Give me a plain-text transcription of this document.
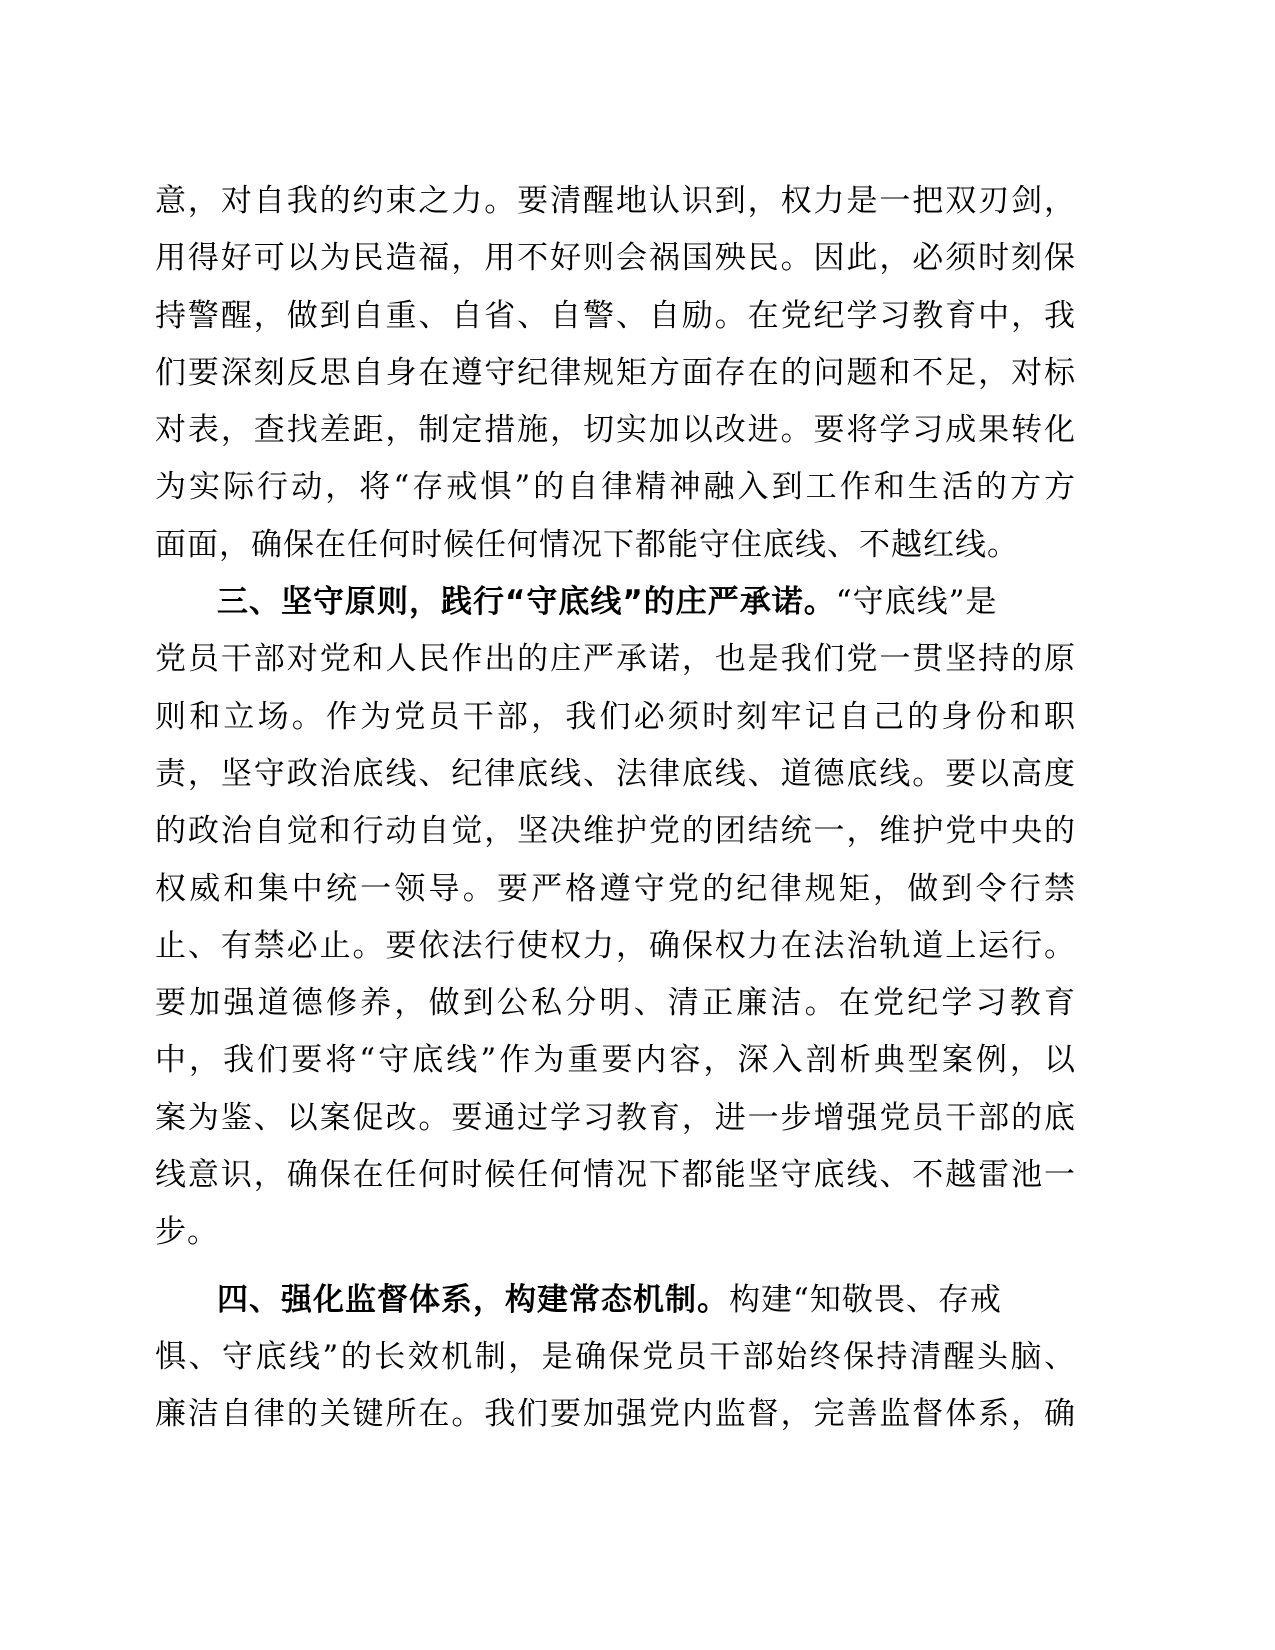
意，对自我的约束之力。要清醒地认识到，权力是一把双刃剑，
用得好可以为民造福，用不好则会祸国殃民。因此，必须时刻保
持警醒，做到自重、自省、自警、自励。在党纪学习教育中，我
们要深刻反思自身在遵守纪律规矩方面存在的问题和不足，对标
对表，查找差距，制定措施，切实加以改进。要将学习成果转化
为实际行动，将“存戒惧”的自律精神融入到工作和生活的方方
面面，确保在任何时候任何情况下都能守住底线、不越红线。
三、坚守原则，践行“守底线”的庄严承诺。“守底线”是
党员干部对党和人民作出的庄严承诺，也是我们党一贯坚持的原
则和立场。作为党员干部，我们必须时刻牢记自己的身份和职
责，坚守政治底线、纪律底线、法律底线、道德底线。要以高度
的政治自觉和行动自觉，坚决维护党的团结统一，维护党中央的
权威和集中统一领导。要严格遵守党的纪律规矩，做到令行禁
止、有禁必止。要依法行使权力，确保权力在法治轨道上运行。
要加强道德修养，做到公私分明、清正廉洁。在党纪学习教育
中，我们要将“守底线”作为重要内容，深入剖析典型案例，以
案为鉴、以案促改。要通过学习教育，进一步增强党员干部的底
线意识，确保在任何时候任何情况下都能坚守底线、不越雷池一
步。
四、强化监督体系，构建常态机制。构建“知敬畏、存戒
惧、守底线”的长效机制，是确保党员干部始终保持清醒头脑、
廉洁自律的关键所在。我们要加强党内监督，完善监督体系，确
